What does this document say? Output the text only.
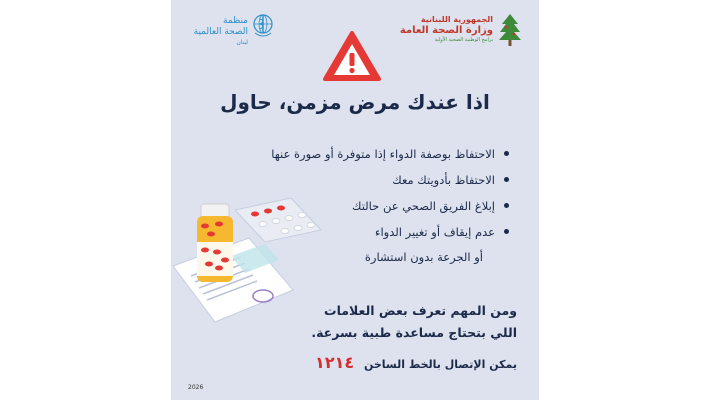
الجمهورية اللبنانية
وزارة الصحة العامة
برامج الوطنية الصحية الأولية
منظمة
الصحة العالمية
لبنان
اذا عندك مرض مزمن، حاول
الاحتفاظ بوصفة الدواء إذا متوفرة أو صورة عنها
الاحتفاظ بأدويتك معك
إبلاغ الفريق الصحي عن حالتك
عدم إيقاف أو تغيير الدواء
أو الجرعة بدون استشارة
ومن المهم تعرف بعض العلامات
اللي بتحتاج مساعدة طبية بسرعة.
يمكن الإتصال بالخط الساخن ١٢١٤
2026
